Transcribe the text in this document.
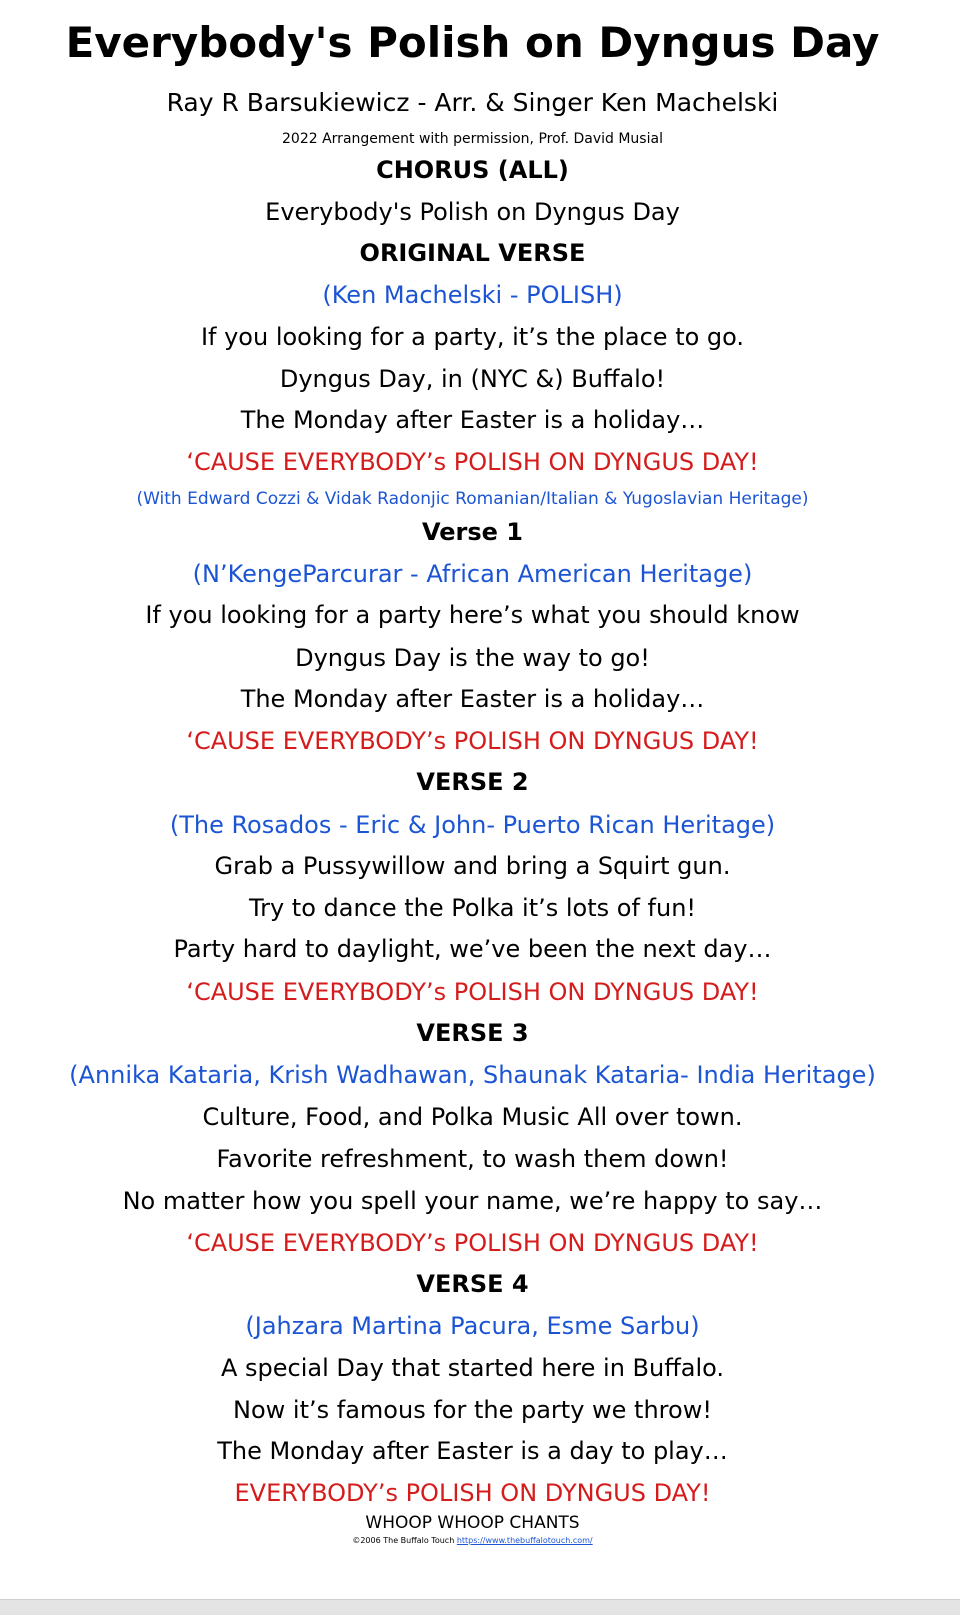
Everybody's Polish on Dyngus Day
Ray R Barsukiewicz - Arr. & Singer Ken Machelski
2022 Arrangement with permission, Prof. David Musial
CHORUS (ALL)
Everybody's Polish on Dyngus Day
ORIGINAL VERSE
(Ken Machelski - POLISH)
If you looking for a party, it’s the place to go.
Dyngus Day, in (NYC &) Buffalo!
The Monday after Easter is a holiday…
‘CAUSE EVERYBODY’s POLISH ON DYNGUS DAY!
(With Edward Cozzi & Vidak Radonjic Romanian/Italian & Yugoslavian Heritage)
Verse 1
(N’KengeParcurar - African American Heritage)
If you looking for a party here’s what you should know
Dyngus Day is the way to go!
The Monday after Easter is a holiday…
‘CAUSE EVERYBODY’s POLISH ON DYNGUS DAY!
VERSE 2
(The Rosados - Eric & John- Puerto Rican Heritage)
Grab a Pussywillow and bring a Squirt gun.
Try to dance the Polka it’s lots of fun!
Party hard to daylight, we’ve been the next day…
‘CAUSE EVERYBODY’s POLISH ON DYNGUS DAY!
VERSE 3
(Annika Kataria, Krish Wadhawan, Shaunak Kataria- India Heritage)
Culture, Food, and Polka Music All over town.
Favorite refreshment, to wash them down!
No matter how you spell your name, we’re happy to say…
‘CAUSE EVERYBODY’s POLISH ON DYNGUS DAY!
VERSE 4
(Jahzara Martina Pacura, Esme Sarbu)
A special Day that started here in Buffalo.
Now it’s famous for the party we throw!
The Monday after Easter is a day to play…
EVERYBODY’s POLISH ON DYNGUS DAY!
WHOOP WHOOP CHANTS
©2006 The Buffalo Touch https://www.thebuffalotouch.com/
